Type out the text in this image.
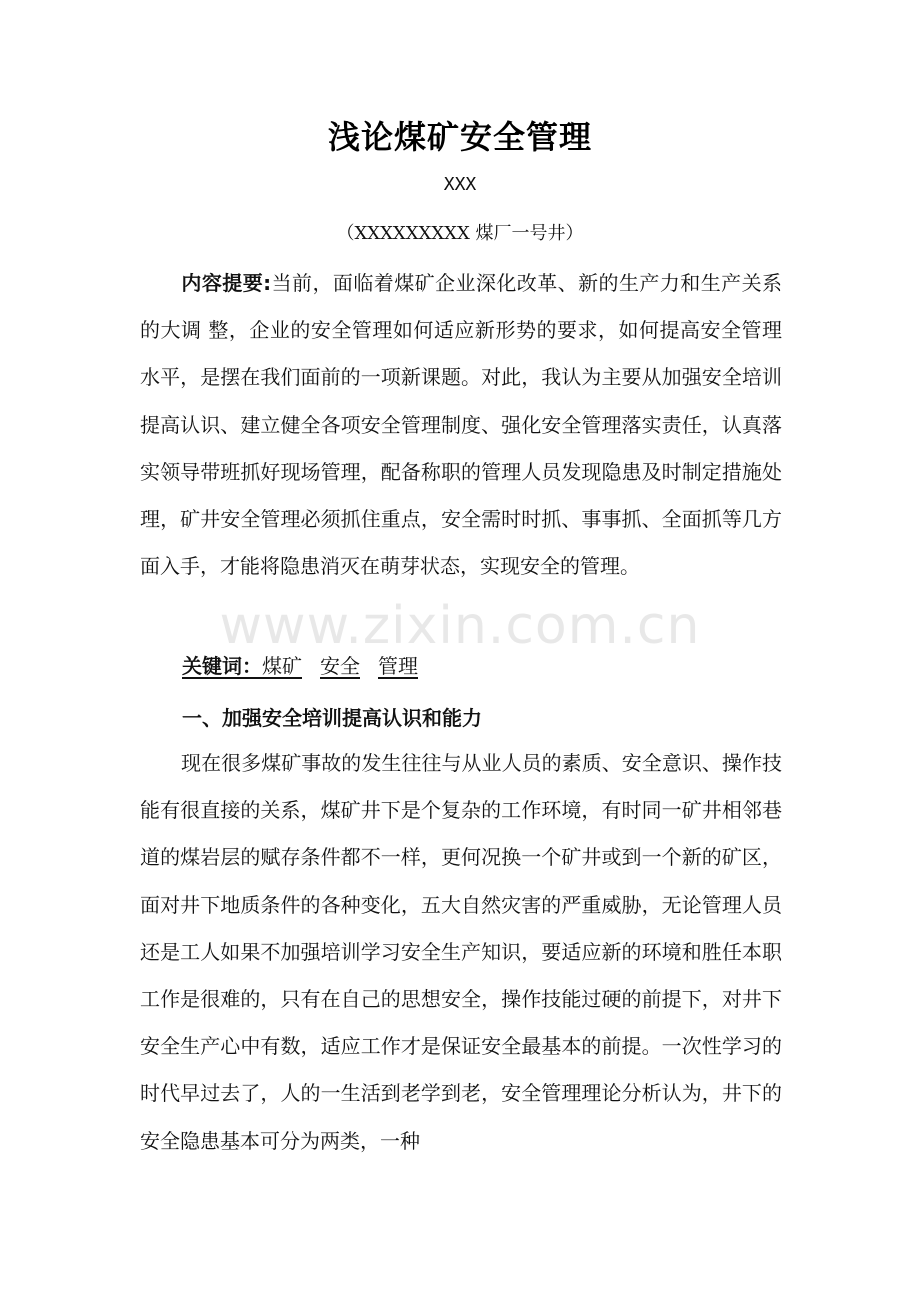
浅论煤矿安全管理
XXX
（XXXXXXXXX 煤厂一号井）
内容提要:当前，面临着煤矿企业深化改革、新的生产力和生产关系的大调 整，企业的安全管理如何适应新形势的要求，如何提高安全管理水平，是摆在我们面前的一项新课题。对此，我认为主要从加强安全培训提高认识、建立健全各项安全管理制度、强化安全管理落实责任，认真落实领导带班抓好现场管理，配备称职的管理人员发现隐患及时制定措施处理，矿井安全管理必须抓住重点，安全需时时抓、事事抓、全面抓等几方面入手，才能将隐患消灭在萌芽状态，实现安全的管理。
关键词：煤矿 安全 管理
一、加强安全培训提高认识和能力
现在很多煤矿事故的发生往往与从业人员的素质、安全意识、操作技能有很直接的关系，煤矿井下是个复杂的工作环境，有时同一矿井相邻巷道的煤岩层的赋存条件都不一样，更何况换一个矿井或到一个新的矿区，面对井下地质条件的各种变化，五大自然灾害的严重威胁，无论管理人员还是工人如果不加强培训学习安全生产知识，要适应新的环境和胜任本职工作是很难的，只有在自己的思想安全，操作技能过硬的前提下，对井下安全生产心中有数，适应工作才是保证安全最基本的前提。一次性学习的时代早过去了，人的一生活到老学到老，安全管理理论分析认为，井下的安全隐患基本可分为两类，一种
www.zixin.com.cn
